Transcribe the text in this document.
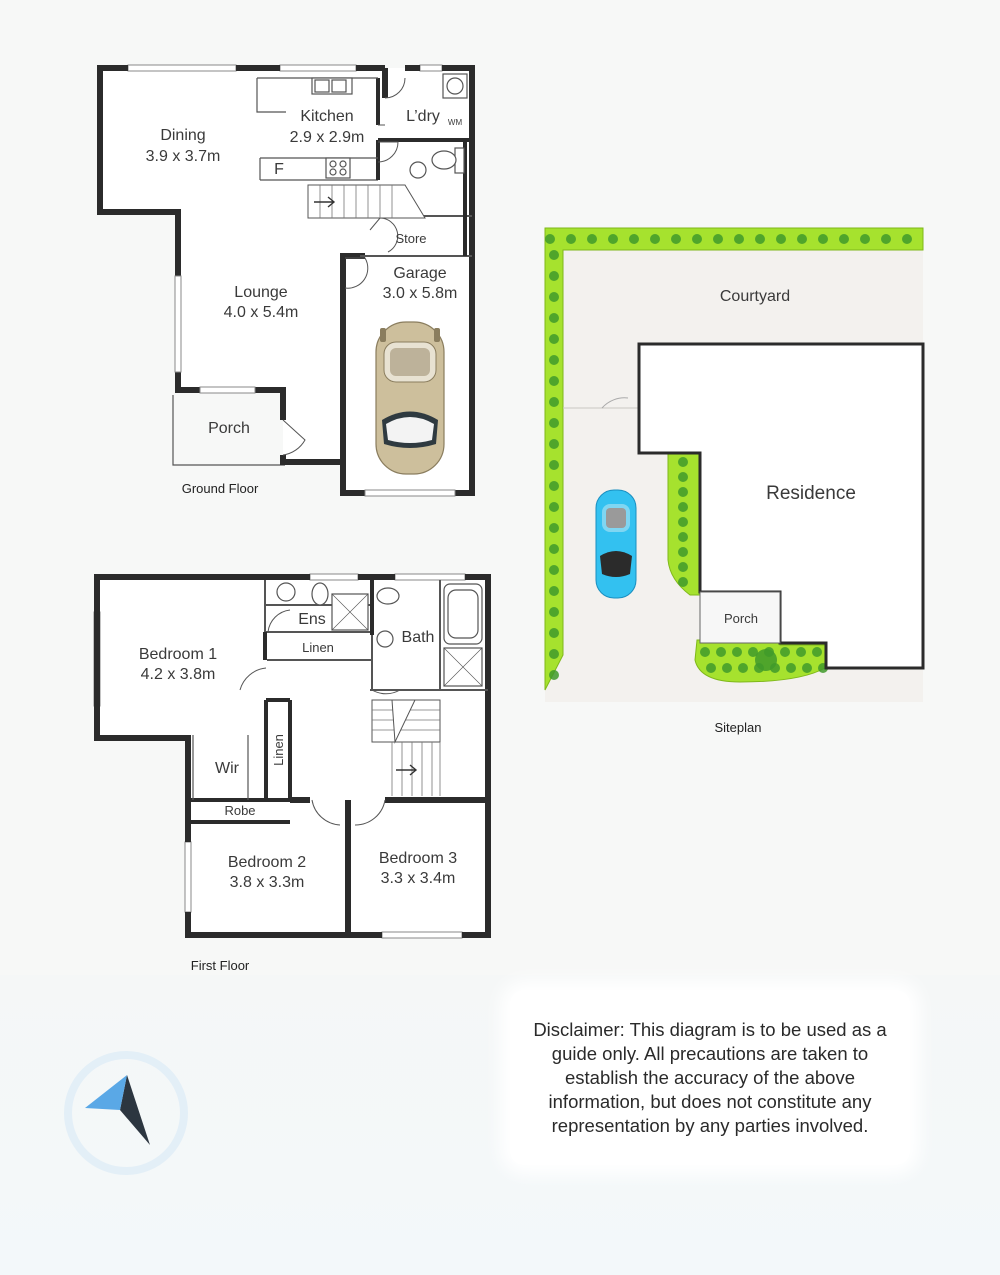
Dining
3.9 x 3.7m
Kitchen
2.9 x 2.9m
L’dry WM
F
Lounge
4.0 x 5.4m
Store
Garage
3.0 x 5.8m
Porch
Ground Floor
Bedroom 1
4.2 x 3.8m
Ens
Bath
Linen
Linen
Wir
Robe
Bedroom 2
3.8 x 3.3m
Bedroom 3
3.3 x 3.4m
First Floor
Courtyard
Residence
Porch
Siteplan

Disclaimer: This diagram is to be used as a guide only. All precautions are taken to establish the accuracy of the above information, but does not constitute any representation by any parties involved.
